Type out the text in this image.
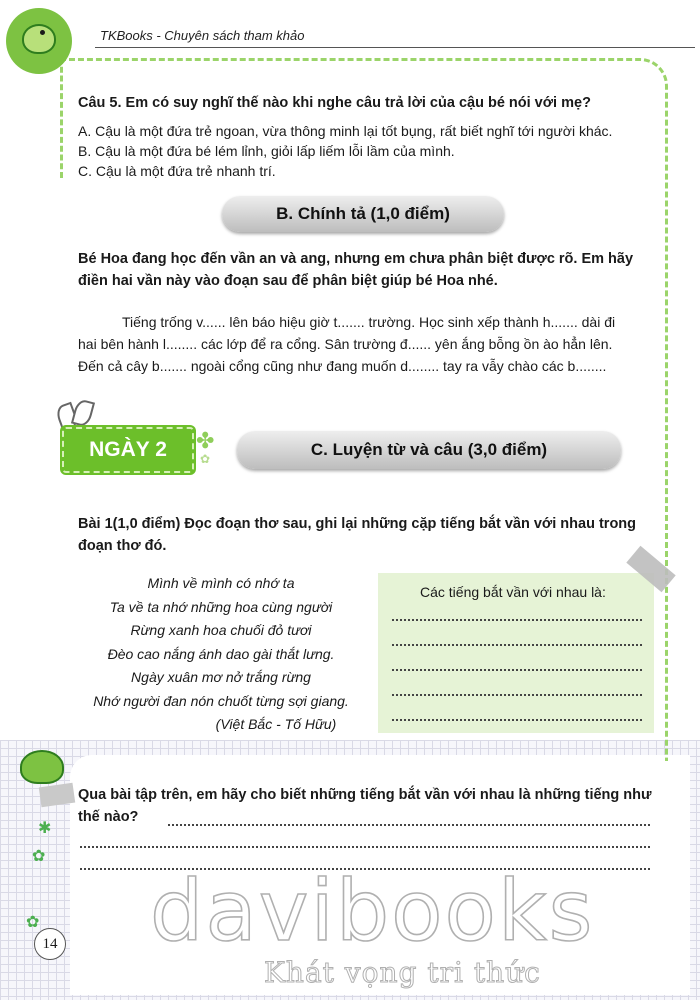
TKBooks - Chuyên sách tham khảo
Câu 5. Em có suy nghĩ thế nào khi nghe câu trả lời của cậu bé nói với mẹ?
A. Cậu là một đứa trẻ ngoan, vừa thông minh lại tốt bụng, rất biết nghĩ tới người khác.
B. Cậu là một đứa bé lém lỉnh, giỏi lấp liếm lỗi lầm của mình.
C. Cậu là một đứa trẻ nhanh trí.
B. Chính tả (1,0 điểm)
Bé Hoa đang học đến vần an và ang, nhưng em chưa phân biệt được rõ. Em hãy
điền hai vần này vào đoạn sau để phân biệt giúp bé Hoa nhé.
Tiếng trống v...... lên báo hiệu giờ t....... trường. Học sinh xếp thành h....... dài đi
hai bên hành l........ các lớp để ra cổng. Sân trường đ...... yên ắng bỗng ồn ào hẳn lên.
Đến cả cây b....... ngoài cổng cũng như đang muốn d........ tay ra vẫy chào các b........
NGÀY 2	✤
✿	C. Luyện từ và câu (3,0 điểm)
Bài 1(1,0 điểm) Đọc đoạn thơ sau, ghi lại những cặp tiếng bắt vần với nhau trong
đoạn thơ đó.
Mình về mình có nhớ ta
Ta về ta nhớ những hoa cùng người
Rừng xanh hoa chuối đỏ tươi
Đèo cao nắng ánh dao gài thắt lưng.
Ngày xuân mơ nở trắng rừng
Nhớ người đan nón chuốt từng sợi giang.
(Việt Bắc - Tố Hữu)
Các tiếng bắt vần với nhau là:
✱
✿
✿
Qua bài tập trên, em hãy cho biết những tiếng bắt vần với nhau là những tiếng như
thế nào?
14 davibooks
Khát vọng tri thức
